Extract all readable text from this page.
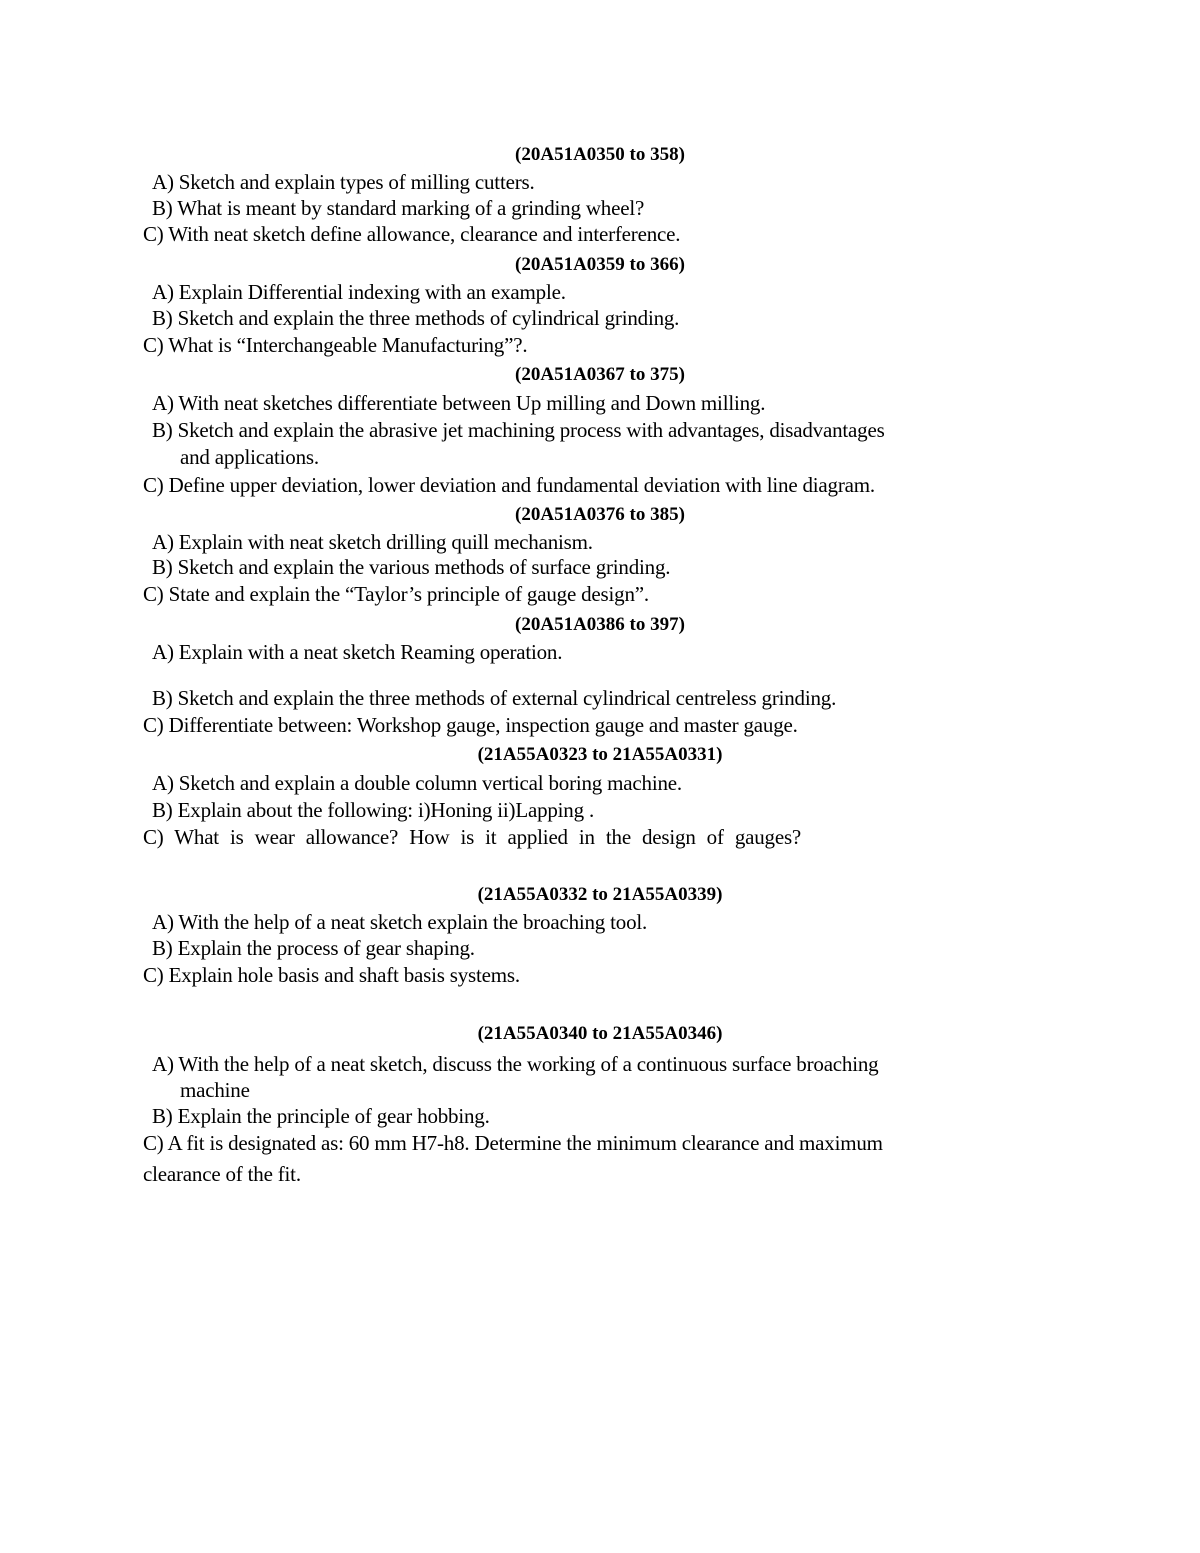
(20A51A0350 to 358)
A) Sketch and explain types of milling cutters.
B) What is meant by standard marking of a grinding wheel?
C) With neat sketch define allowance, clearance and interference.
(20A51A0359 to 366)
A) Explain Differential indexing with an example.
B) Sketch and explain the three methods of cylindrical grinding.
C) What is “Interchangeable Manufacturing”?.
(20A51A0367 to 375)
A) With neat sketches differentiate between Up milling and Down milling.
B) Sketch and explain the abrasive jet machining process with advantages, disadvantages
and applications.
C) Define upper deviation, lower deviation and fundamental deviation with line diagram.
(20A51A0376 to 385)
A) Explain with neat sketch drilling quill mechanism.
B) Sketch and explain the various methods of surface grinding.
C) State and explain the “Taylor’s principle of gauge design”.
(20A51A0386 to 397)
A) Explain with a neat sketch Reaming operation.
B) Sketch and explain the three methods of external cylindrical centreless grinding.
C) Differentiate between: Workshop gauge, inspection gauge and master gauge.
(21A55A0323 to 21A55A0331)
A) Sketch and explain a double column vertical boring machine.
B) Explain about the following: i)Honing ii)Lapping .
C) What is wear allowance? How is it applied in the design of gauges?
(21A55A0332 to 21A55A0339)
A) With the help of a neat sketch explain the broaching tool.
B) Explain the process of gear shaping.
C) Explain hole basis and shaft basis systems.
(21A55A0340 to 21A55A0346)
A) With the help of a neat sketch, discuss the working of a continuous surface broaching
machine
B) Explain the principle of gear hobbing.
C) A fit is designated as: 60 mm H7-h8. Determine the minimum clearance and maximum
clearance of the fit.
